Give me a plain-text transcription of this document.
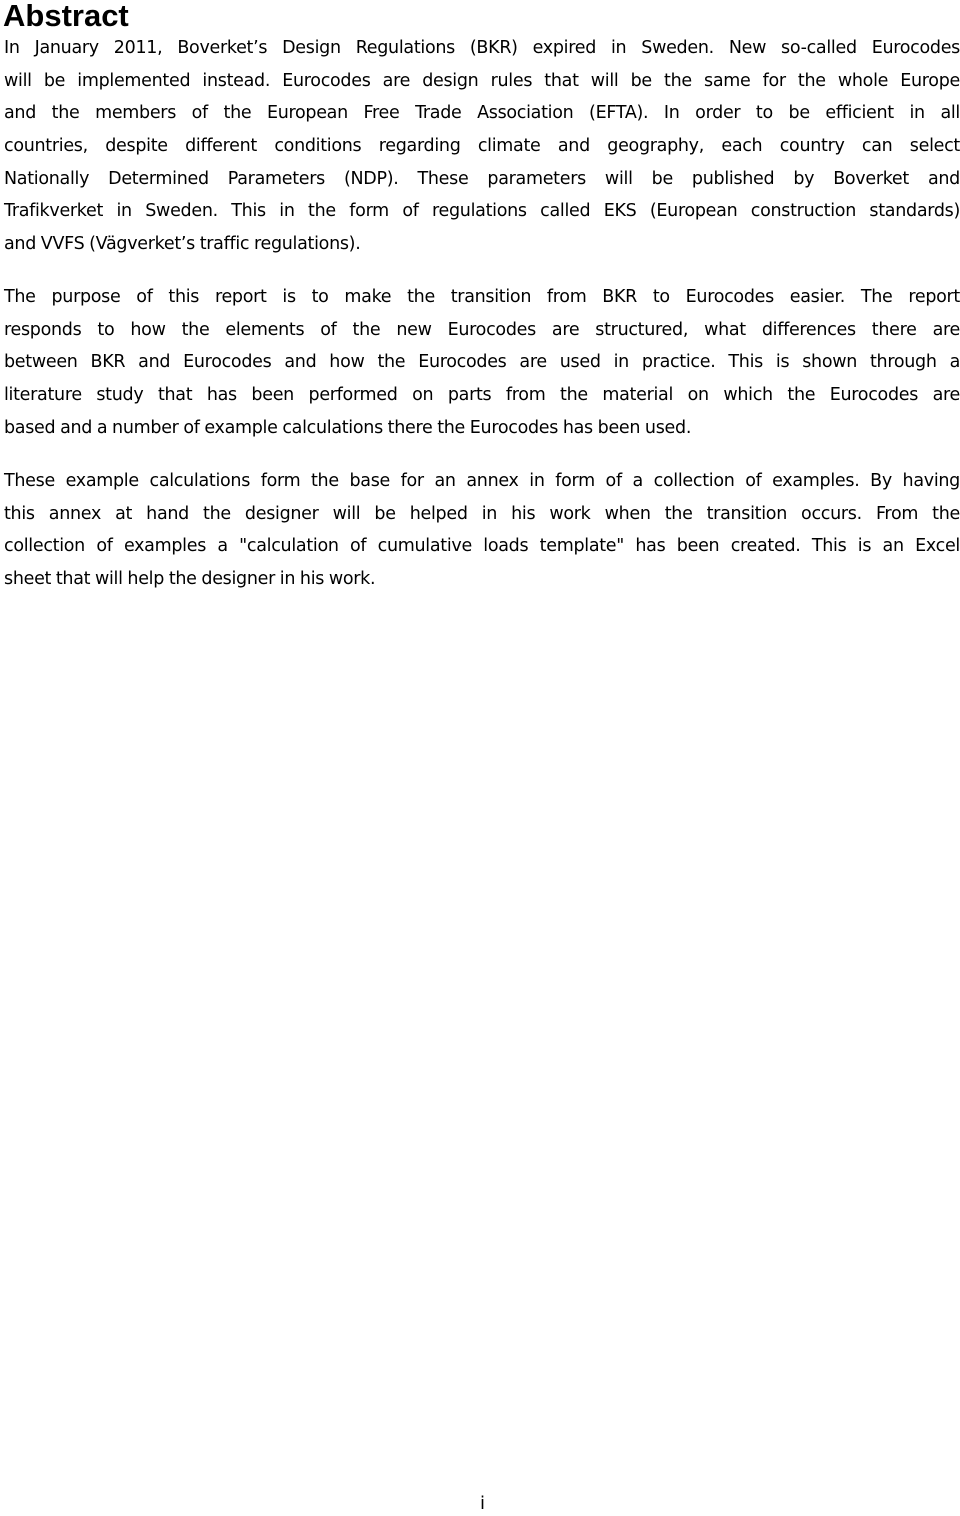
Abstract
In January 2011, Boverket’s Design Regulations (BKR) expired in Sweden. New so-called Eurocodes
will be implemented instead. Eurocodes are design rules that will be the same for the whole Europe
and the members of the European Free Trade Association (EFTA). In order to be efficient in all
countries, despite different conditions regarding climate and geography, each country can select
Nationally Determined Parameters (NDP). These parameters will be published by Boverket and
Trafikverket in Sweden. This in the form of regulations called EKS (European construction standards)
and VVFS (Vägverket’s traffic regulations).
The purpose of this report is to make the transition from BKR to Eurocodes easier. The report
responds to how the elements of the new Eurocodes are structured, what differences there are
between BKR and Eurocodes and how the Eurocodes are used in practice. This is shown through a
literature study that has been performed on parts from the material on which the Eurocodes are
based and a number of example calculations there the Eurocodes has been used.
These example calculations form the base for an annex in form of a collection of examples. By having
this annex at hand the designer will be helped in his work when the transition occurs. From the
collection of examples a "calculation of cumulative loads template" has been created. This is an Excel
sheet that will help the designer in his work.
i
